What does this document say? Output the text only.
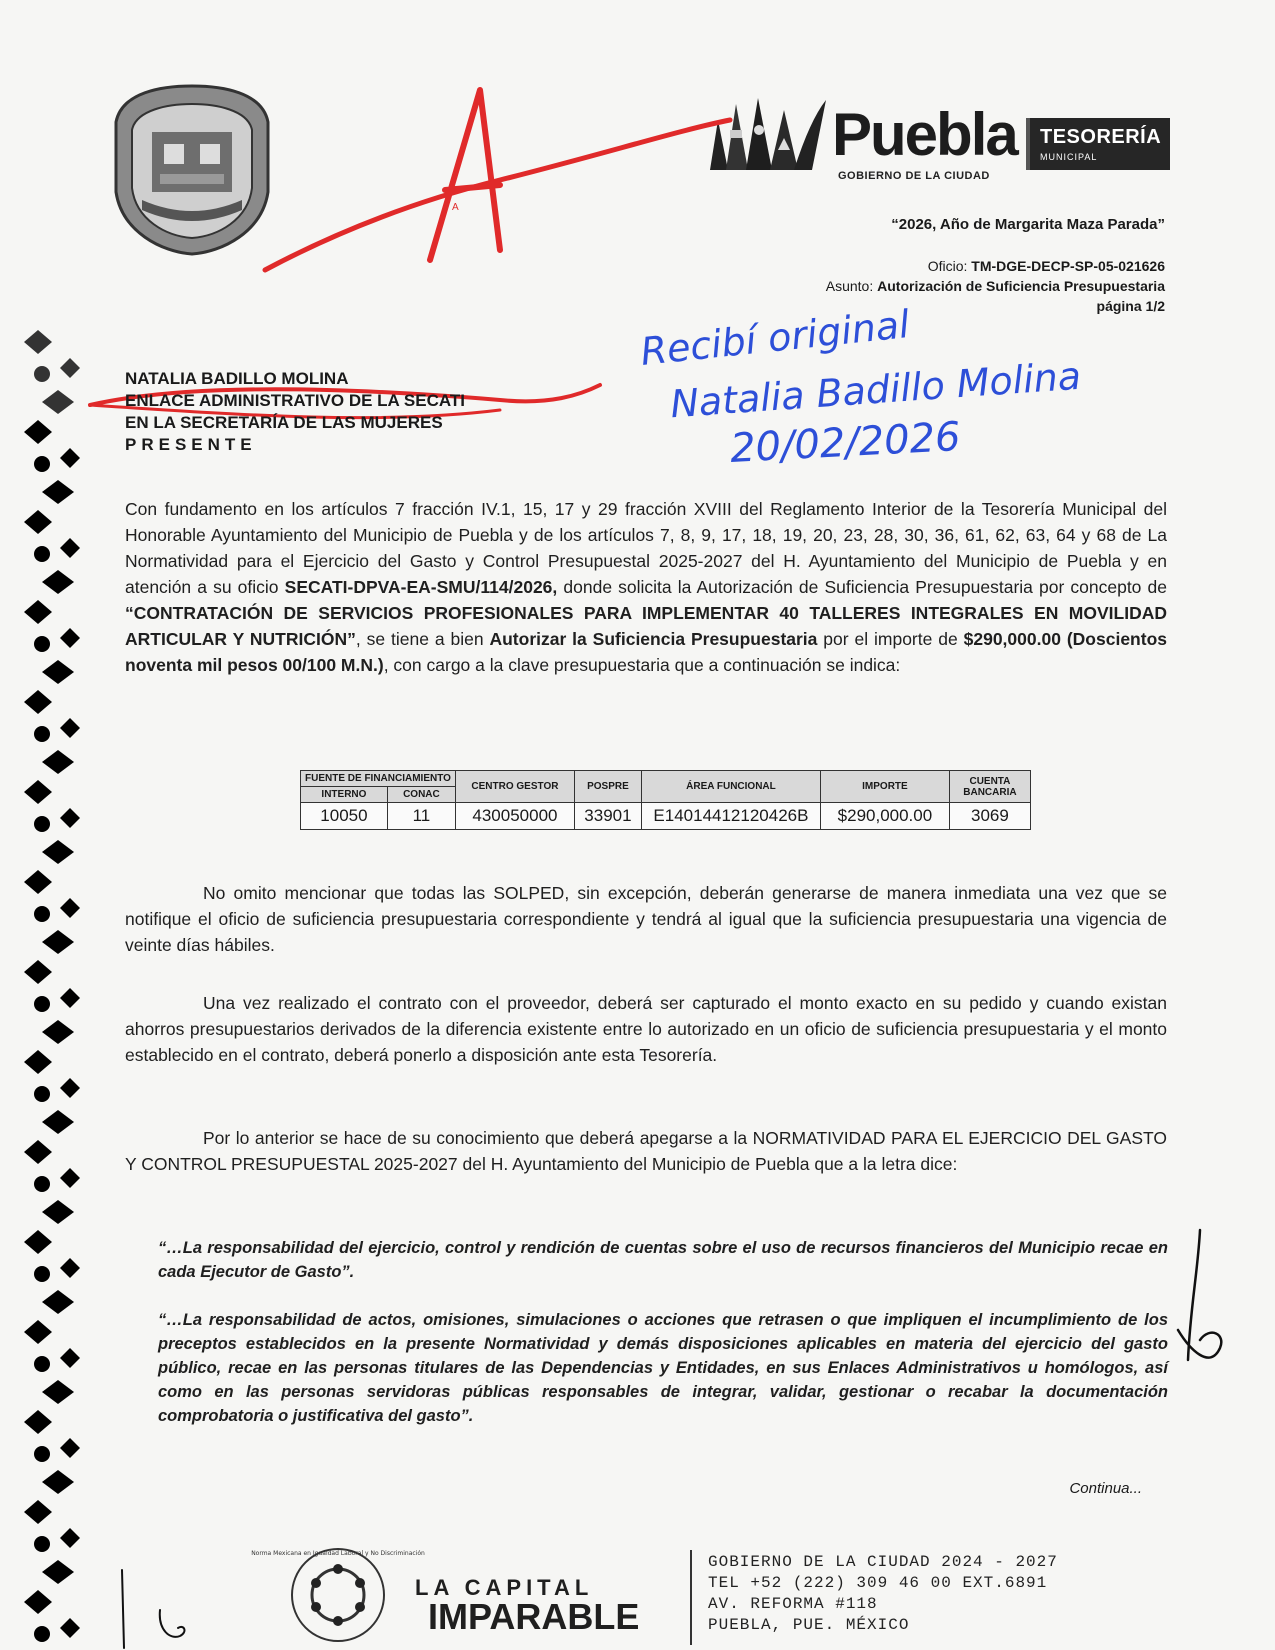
Puebla
GOBIERNO DE LA CIUDAD
TESORERÍA
MUNICIPAL
“2026, Año de Margarita Maza Parada”
Oficio: TM-DGE-DECP-SP-05-021626
Asunto: Autorización de Suficiencia Presupuestaria
página 1/2
A
Recibí original
Natalia Badillo Molina
20/02/2026
NATALIA BADILLO MOLINA
ENLACE ADMINISTRATIVO DE LA SECATI
EN LA SECRETARÍA DE LAS MUJERES
PRESENTE
Con fundamento en los artículos 7 fracción IV.1, 15, 17 y 29 fracción XVIII del Reglamento Interior de la Tesorería Municipal del Honorable Ayuntamiento del Municipio de Puebla y de los artículos 7, 8, 9, 17, 18, 19, 20, 23, 28, 30, 36, 61, 62, 63, 64 y 68 de La Normatividad para el Ejercicio del Gasto y Control Presupuestal 2025-2027 del H. Ayuntamiento del Municipio de Puebla y en atención a su oficio SECATI-DPVA-EA-SMU/114/2026, donde solicita la Autorización de Suficiencia Presupuestaria por concepto de “CONTRATACIÓN DE SERVICIOS PROFESIONALES PARA IMPLEMENTAR 40 TALLERES INTEGRALES EN MOVILIDAD ARTICULAR Y NUTRICIÓN”, se tiene a bien Autorizar la Suficiencia Presupuestaria por el importe de $290,000.00 (Doscientos noventa mil pesos 00/100 M.N.), con cargo a la clave presupuestaria que a continuación se indica:
FUENTE DE FINANCIAMIENTO		CENTRO GESTOR	POSPRE	ÁREA FUNCIONAL	IMPORTE	CUENTA BANCARIA
INTERNO	CONAC					
10050	11	430050000	33901	E14014412120426B	$290,000.00	3069
No omito mencionar que todas las SOLPED, sin excepción, deberán generarse de manera inmediata una vez que se notifique el oficio de suficiencia presupuestaria correspondiente y tendrá al igual que la suficiencia presupuestaria una vigencia de veinte días hábiles.
Una vez realizado el contrato con el proveedor, deberá ser capturado el monto exacto en su pedido y cuando existan ahorros presupuestarios derivados de la diferencia existente entre lo autorizado en un oficio de suficiencia presupuestaria y el monto establecido en el contrato, deberá ponerlo a disposición ante esta Tesorería.
Por lo anterior se hace de su conocimiento que deberá apegarse a la NORMATIVIDAD PARA EL EJERCICIO DEL GASTO Y CONTROL PRESUPUESTAL 2025-2027 del H. Ayuntamiento del Municipio de Puebla que a la letra dice:
“…La responsabilidad del ejercicio, control y rendición de cuentas sobre el uso de recursos financieros del Municipio recae en cada Ejecutor de Gasto”.
“…La responsabilidad de actos, omisiones, simulaciones o acciones que retrasen o que impliquen el incumplimiento de los preceptos establecidos en la presente Normatividad y demás disposiciones aplicables en materia del ejercicio del gasto público, recae en las personas titulares de las Dependencias y Entidades, en sus Enlaces Administrativos u homólogos, así como en las personas servidoras públicas responsables de integrar, validar, gestionar o recabar la documentación comprobatoria o justificativa del gasto”.
Continua...
Norma Mexicana en Igualdad Laboral y No Discriminación
LA CAPITAL
IMPARABLE
GOBIERNO DE LA CIUDAD 2024 - 2027
TEL +52 (222) 309 46 00 EXT.6891
AV. REFORMA #118
PUEBLA, PUE. MÉXICO
